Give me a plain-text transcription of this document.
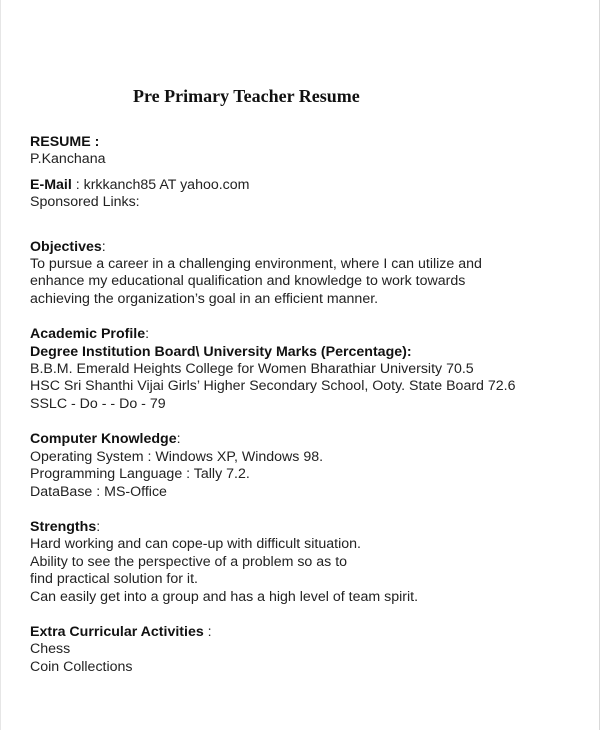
Pre Primary Teacher Resume
RESUME :
P.Kanchana
E-Mail : krkkanch85 AT yahoo.com
Sponsored Links:
Objectives:
To pursue a career in a challenging environment, where I can utilize and
enhance my educational qualification and knowledge to work towards
achieving the organization’s goal in an efficient manner.
Academic Profile:
Degree Institution Board\ University Marks (Percentage):
B.B.M. Emerald Heights College for Women Bharathiar University 70.5
HSC Sri Shanthi Vijai Girls’ Higher Secondary School, Ooty. State Board 72.6
SSLC - Do - - Do - 79
Computer Knowledge:
Operating System : Windows XP, Windows 98.
Programming Language : Tally 7.2.
DataBase : MS-Office
Strengths:
Hard working and can cope-up with difficult situation.
Ability to see the perspective of a problem so as to
find practical solution for it.
Can easily get into a group and has a high level of team spirit.
Extra Curricular Activities :
Chess
Coin Collections
